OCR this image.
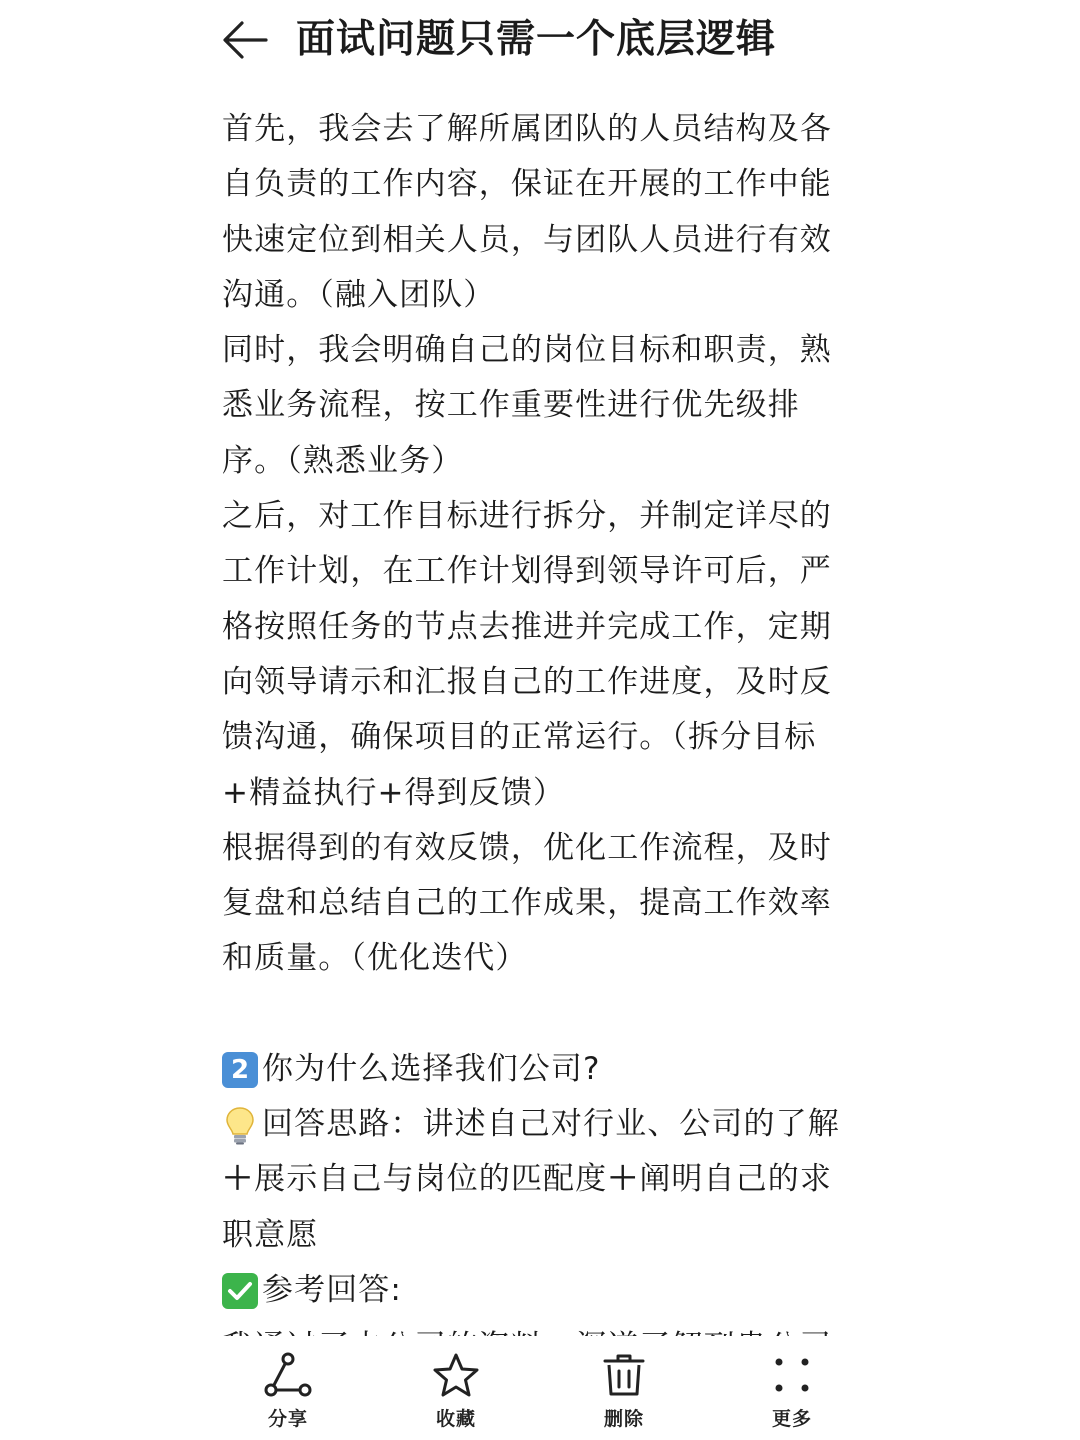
面试问题只需一个底层逻辑

首先，我会去了解所属团队的人员结构及各自负责的工作内容，保证在开展的工作中能快速定位到相关人员，与团队人员进行有效沟通。（融入团队）

同时，我会明确自己的岗位目标和职责，熟悉业务流程，按工作重要性进行优先级排序。（熟悉业务）

之后，对工作目标进行拆分，并制定详尽的工作计划，在工作计划得到领导许可后，严格按照任务的节点去推进并完成工作，定期向领导请示和汇报自己的工作进度，及时反馈沟通，确保项目的正常运行。（拆分目标+精益执行+得到反馈）

根据得到的有效反馈，优化工作流程，及时复盘和总结自己的工作成果，提高工作效率和质量。（优化迭代）

2 你为什么选择我们公司?

回答思路：讲述自己对行业、公司的了解

＋展示自己与岗位的匹配度＋阐明自己的求职意愿

参考回答:

分享	收藏	删除	更多
